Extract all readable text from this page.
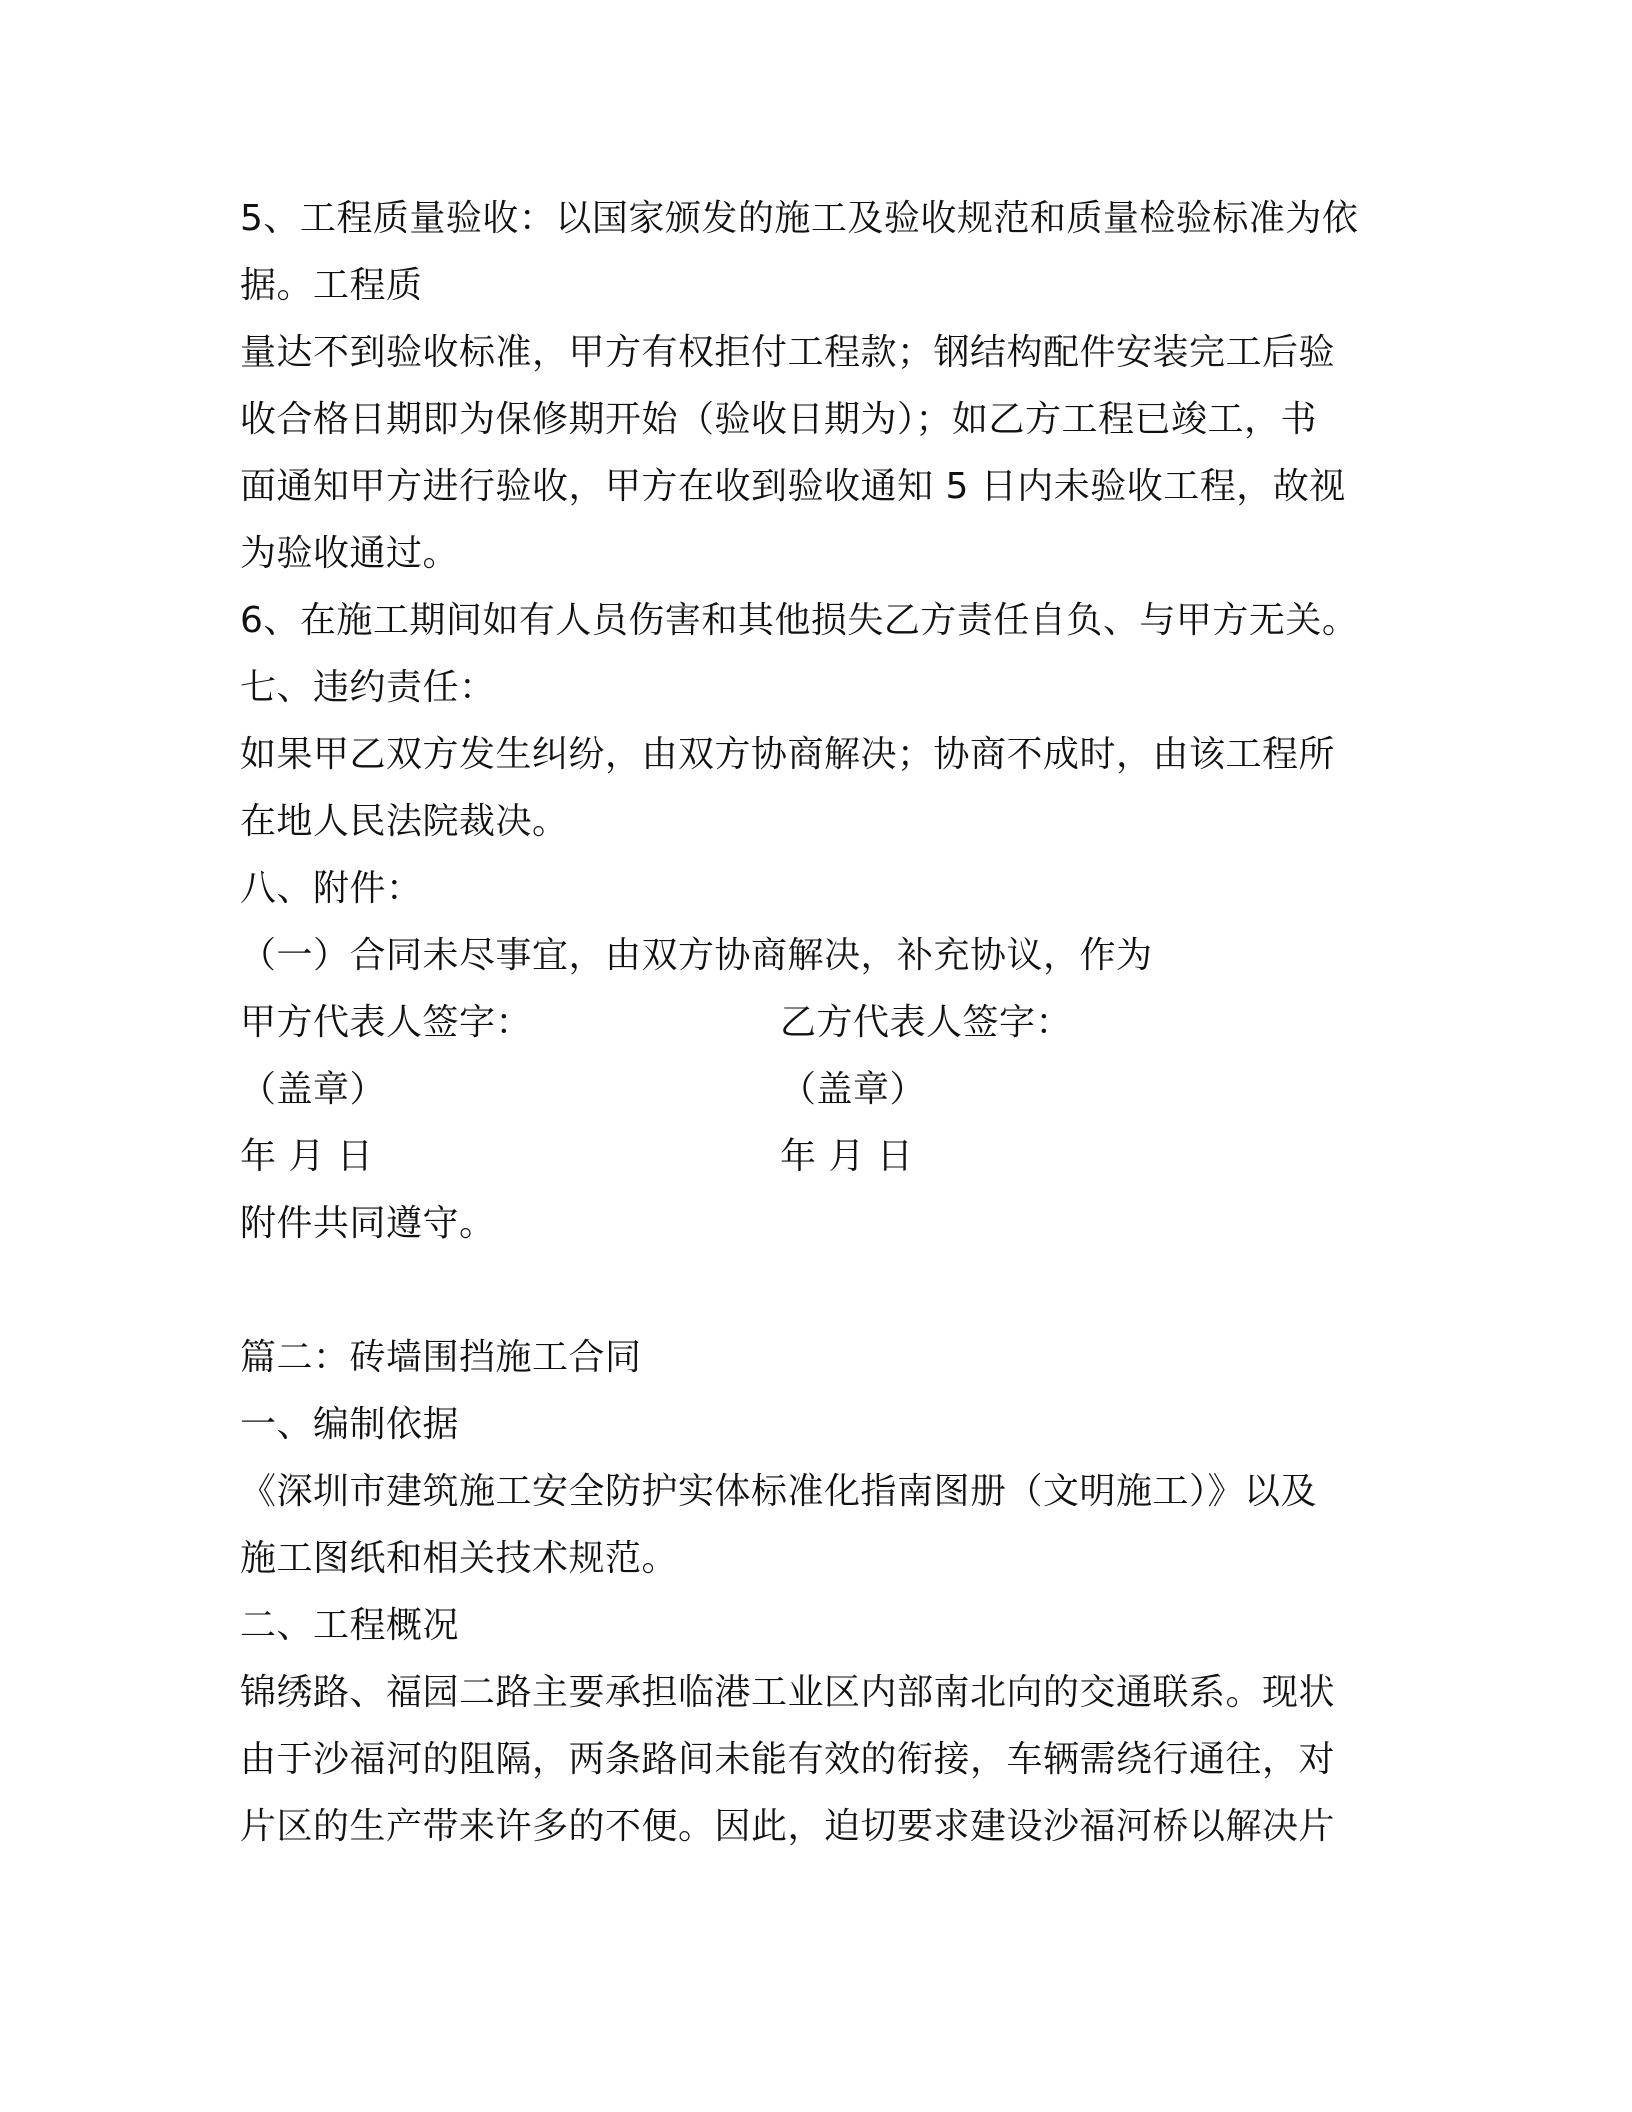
5、工程质量验收：以国家颁发的施工及验收规范和质量检验标准为依
据。工程质
量达不到验收标准，甲方有权拒付工程款；钢结构配件安装完工后验
收合格日期即为保修期开始（验收日期为）；如乙方工程已竣工，书
面通知甲方进行验收，甲方在收到验收通知 5 日内未验收工程，故视
为验收通过。
6、在施工期间如有人员伤害和其他损失乙方责任自负、与甲方无关。
七、违约责任：
如果甲乙双方发生纠纷，由双方协商解决；协商不成时，由该工程所
在地人民法院裁决。
八、附件：
（一）合同未尽事宜，由双方协商解决，补充协议，作为
甲方代表人签字：	乙方代表人签字：
（盖章）	（盖章）
年 月 日	年 月 日
附件共同遵守。
篇二：砖墙围挡施工合同
一、编制依据
《深圳市建筑施工安全防护实体标准化指南图册（文明施工）》以及
施工图纸和相关技术规范。
二、工程概况
锦绣路、福园二路主要承担临港工业区内部南北向的交通联系。现状
由于沙福河的阻隔，两条路间未能有效的衔接，车辆需绕行通往，对
片区的生产带来许多的不便。因此，迫切要求建设沙福河桥以解决片
